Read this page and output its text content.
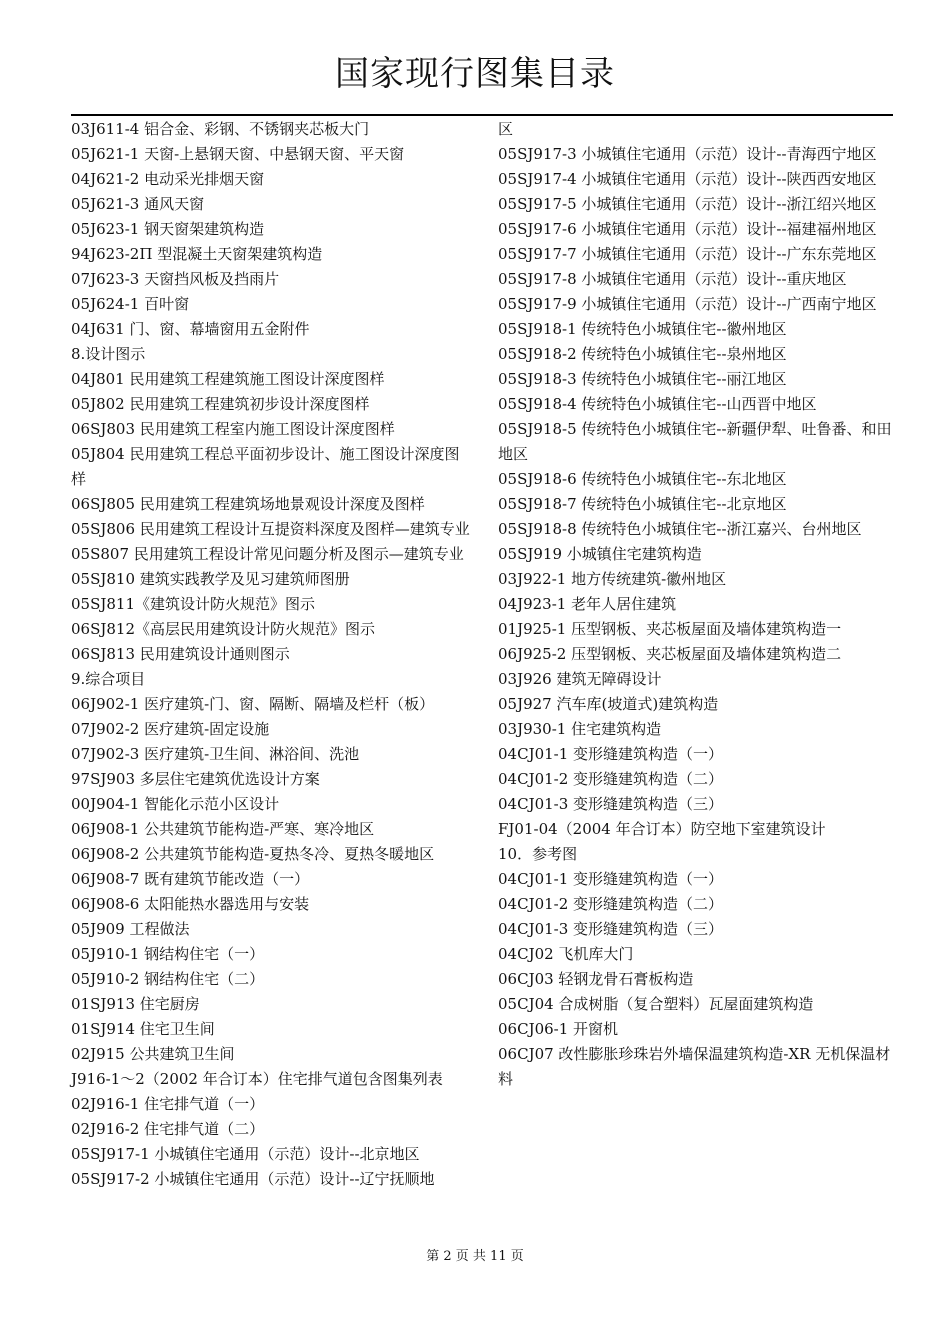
国家现行图集目录
03J611-4 铝合金、彩钢、不锈钢夹芯板大门
05J621-1 天窗-上悬钢天窗、中悬钢天窗、平天窗
04J621-2 电动采光排烟天窗
05J621-3 通风天窗
05J623-1 钢天窗架建筑构造
94J623-2Π 型混凝土天窗架建筑构造
07J623-3 天窗挡风板及挡雨片
05J624-1 百叶窗
04J631 门、窗、幕墙窗用五金附件
8.设计图示
04J801 民用建筑工程建筑施工图设计深度图样
05J802 民用建筑工程建筑初步设计深度图样
06SJ803 民用建筑工程室内施工图设计深度图样
05J804 民用建筑工程总平面初步设计、施工图设计深度图样
06SJ805 民用建筑工程建筑场地景观设计深度及图样
05SJ806 民用建筑工程设计互提资料深度及图样—建筑专业
05S807 民用建筑工程设计常见问题分析及图示—建筑专业
05SJ810 建筑实践教学及见习建筑师图册
05SJ811《建筑设计防火规范》图示
06SJ812《高层民用建筑设计防火规范》图示
06SJ813 民用建筑设计通则图示
9.综合项目
06J902-1 医疗建筑-门、窗、隔断、隔墙及栏杆（板）
07J902-2 医疗建筑-固定设施
07J902-3 医疗建筑-卫生间、淋浴间、洗池
97SJ903 多层住宅建筑优选设计方案
00J904-1 智能化示范小区设计
06J908-1 公共建筑节能构造-严寒、寒冷地区
06J908-2 公共建筑节能构造-夏热冬冷、夏热冬暖地区
06J908-7 既有建筑节能改造（一）
06J908-6 太阳能热水器选用与安装
05J909 工程做法
05J910-1 钢结构住宅（一）
05J910-2 钢结构住宅（二）
01SJ913 住宅厨房
01SJ914 住宅卫生间
02J915 公共建筑卫生间
J916-1～2（2002 年合订本）住宅排气道包含图集列表
02J916-1 住宅排气道（一）
02J916-2 住宅排气道（二）
05SJ917-1 小城镇住宅通用（示范）设计--北京地区
05SJ917-2 小城镇住宅通用（示范）设计--辽宁抚顺地
区
05SJ917-3 小城镇住宅通用（示范）设计--青海西宁地区
05SJ917-4 小城镇住宅通用（示范）设计--陕西西安地区
05SJ917-5 小城镇住宅通用（示范）设计--浙江绍兴地区
05SJ917-6 小城镇住宅通用（示范）设计--福建福州地区
05SJ917-7 小城镇住宅通用（示范）设计--广东东莞地区
05SJ917-8 小城镇住宅通用（示范）设计--重庆地区
05SJ917-9 小城镇住宅通用（示范）设计--广西南宁地区
05SJ918-1 传统特色小城镇住宅--徽州地区
05SJ918-2 传统特色小城镇住宅--泉州地区
05SJ918-3 传统特色小城镇住宅--丽江地区
05SJ918-4 传统特色小城镇住宅--山西晋中地区
05SJ918-5 传统特色小城镇住宅--新疆伊犁、吐鲁番、和田地区
05SJ918-6 传统特色小城镇住宅--东北地区
05SJ918-7 传统特色小城镇住宅--北京地区
05SJ918-8 传统特色小城镇住宅--浙江嘉兴、台州地区
05SJ919 小城镇住宅建筑构造
03J922-1 地方传统建筑-徽州地区
04J923-1 老年人居住建筑
01J925-1 压型钢板、夹芯板屋面及墙体建筑构造一
06J925-2 压型钢板、夹芯板屋面及墙体建筑构造二
03J926 建筑无障碍设计
05J927 汽车库(坡道式)建筑构造
03J930-1 住宅建筑构造
04CJ01-1 变形缝建筑构造（一）
04CJ01-2 变形缝建筑构造（二）
04CJ01-3 变形缝建筑构造（三）
FJ01-04（2004 年合订本）防空地下室建筑设计
10．参考图
04CJ01-1 变形缝建筑构造（一）
04CJ01-2 变形缝建筑构造（二）
04CJ01-3 变形缝建筑构造（三）
04CJ02 飞机库大门
06CJ03 轻钢龙骨石膏板构造
05CJ04 合成树脂（复合塑料）瓦屋面建筑构造
06CJ06-1 开窗机
06CJ07 改性膨胀珍珠岩外墙保温建筑构造-XR 无机保温材料
第 2 页 共 11 页
